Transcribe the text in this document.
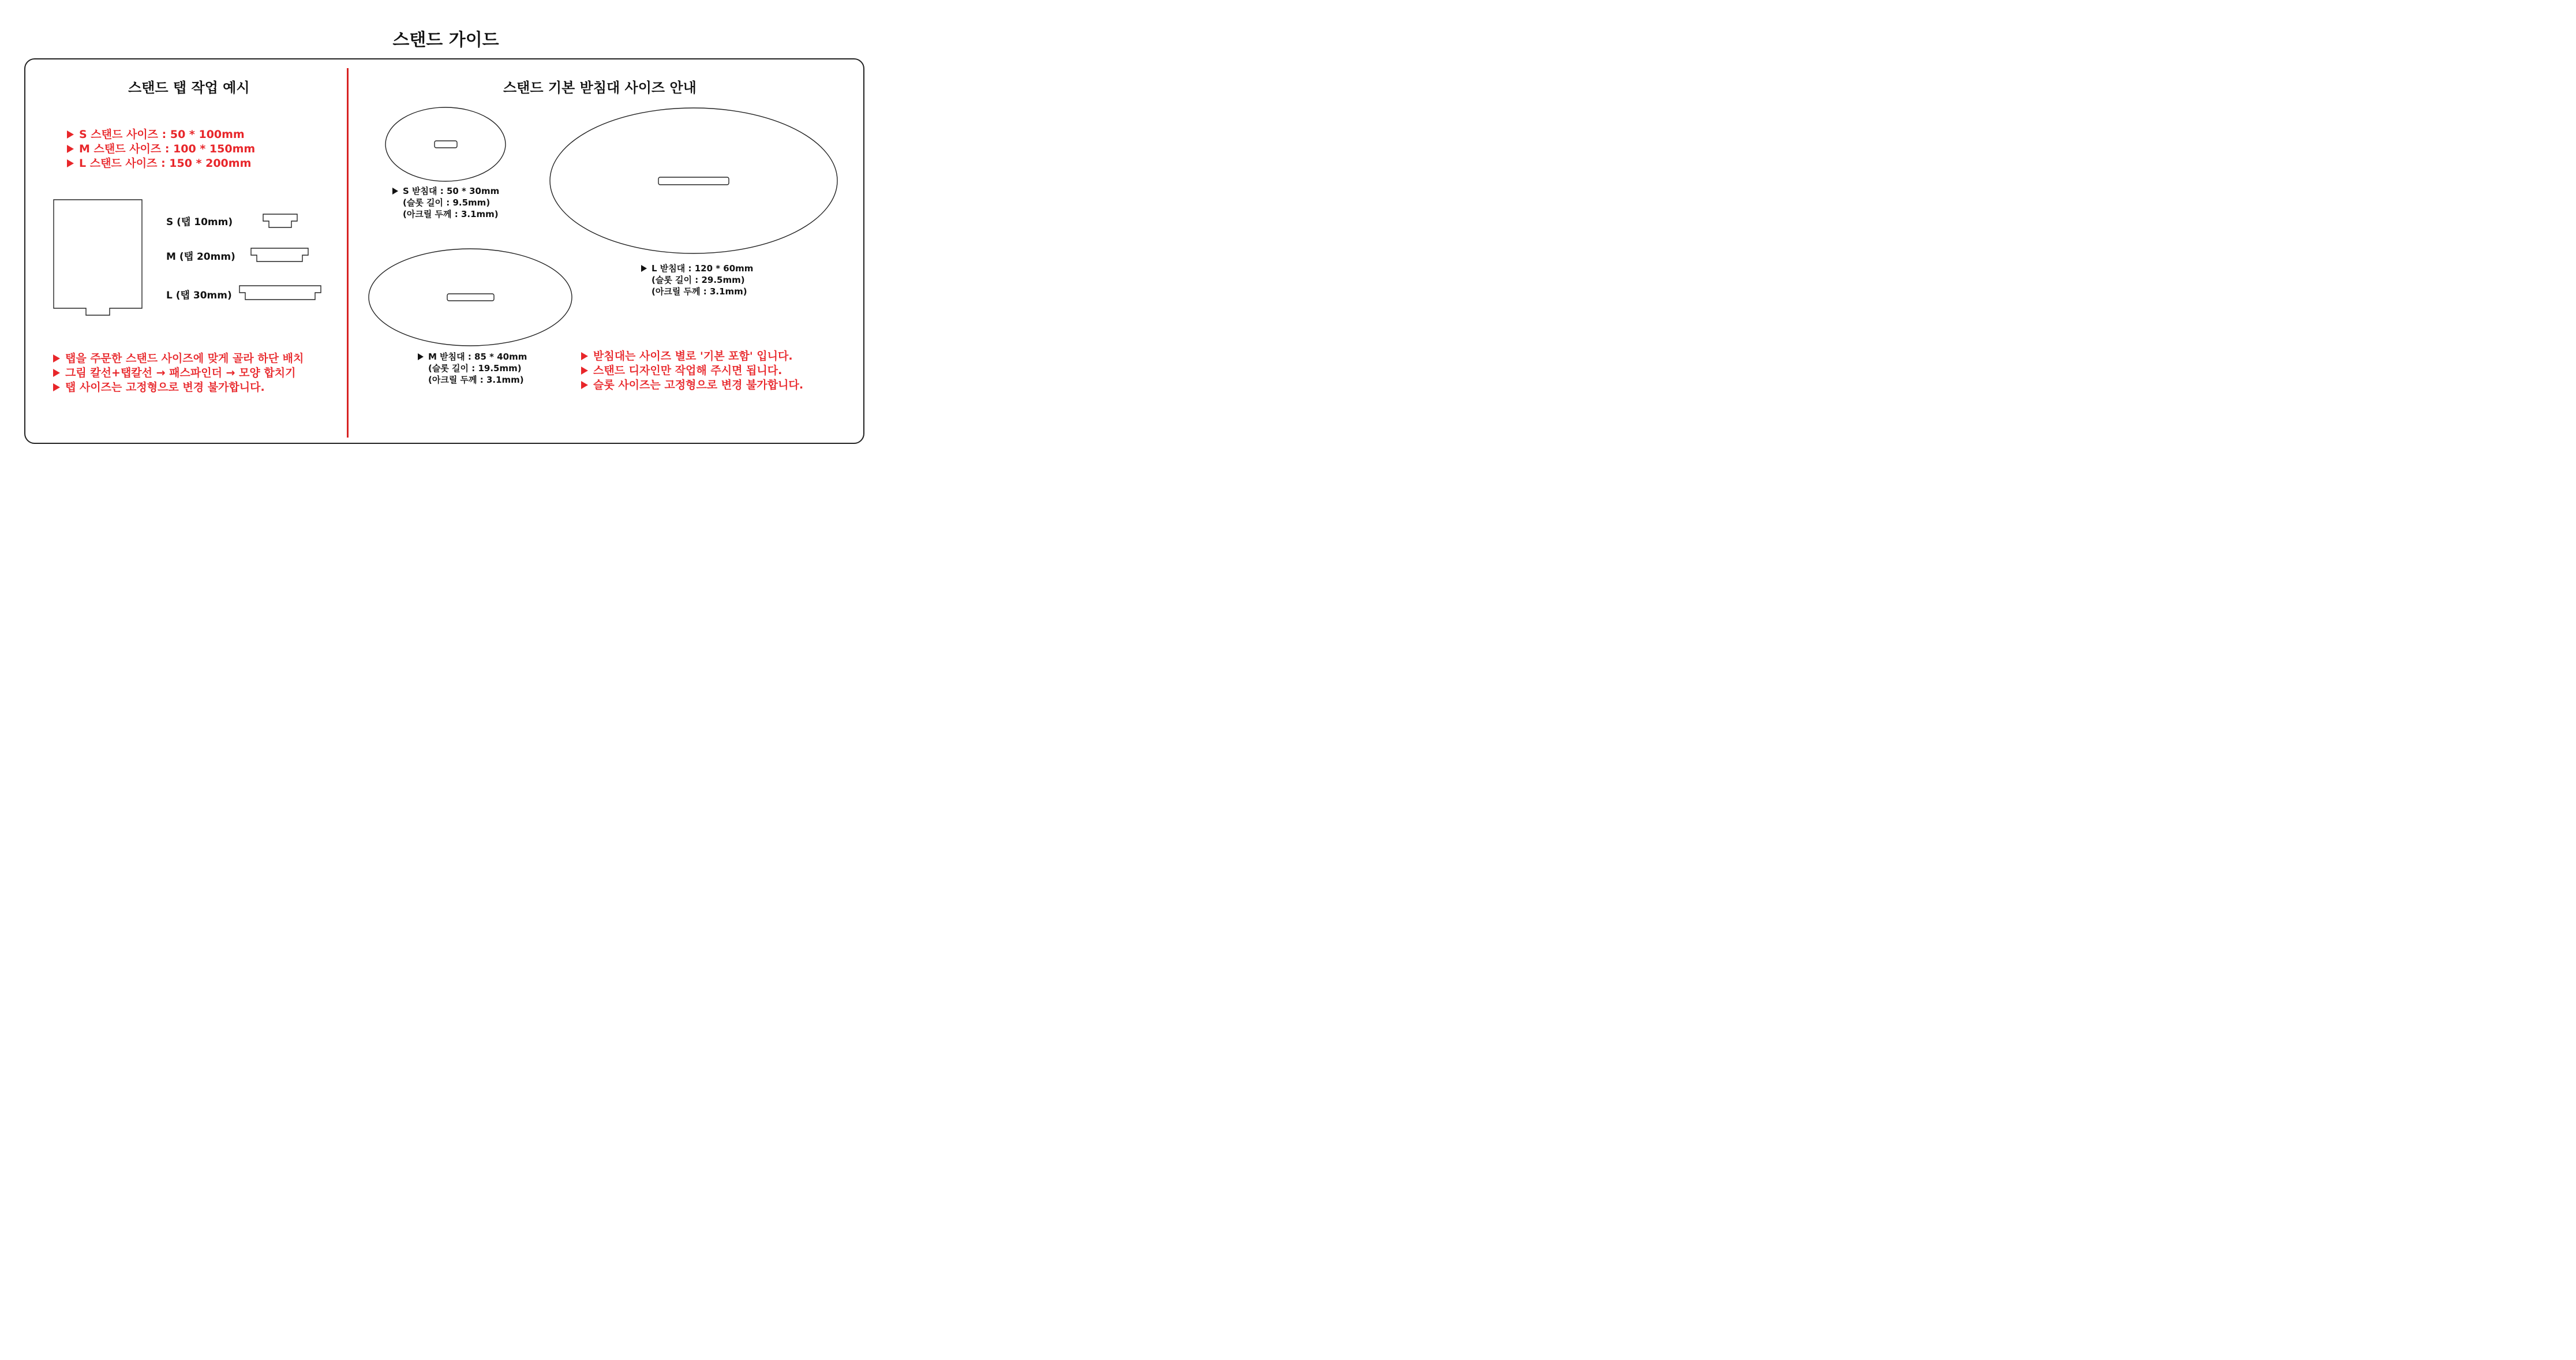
스탠드 가이드
스탠드 탭 작업 예시
S 스탠드 사이즈 : 50 * 100mm
M 스탠드 사이즈 : 100 * 150mm
L 스탠드 사이즈 : 150 * 200mm
S (탭 10mm)
M (탭 20mm)
L (탭 30mm)
탭을 주문한 스탠드 사이즈에 맞게 골라 하단 배치
그림 칼선+탭칼선 → 패스파인더 → 모양 합치기
탭 사이즈는 고정형으로 변경 불가합니다.
스탠드 기본 받침대 사이즈 안내
S 받침대 : 50 * 30mm
(슬롯 길이 : 9.5mm)
(아크릴 두께 : 3.1mm)
M 받침대 : 85 * 40mm
(슬롯 길이 : 19.5mm)
(아크릴 두께 : 3.1mm)
L 받침대 : 120 * 60mm
(슬롯 길이 : 29.5mm)
(아크릴 두께 : 3.1mm)
받침대는 사이즈 별로 '기본 포함' 입니다.
스탠드 디자인만 작업해 주시면 됩니다.
슬롯 사이즈는 고정형으로 변경 불가합니다.
